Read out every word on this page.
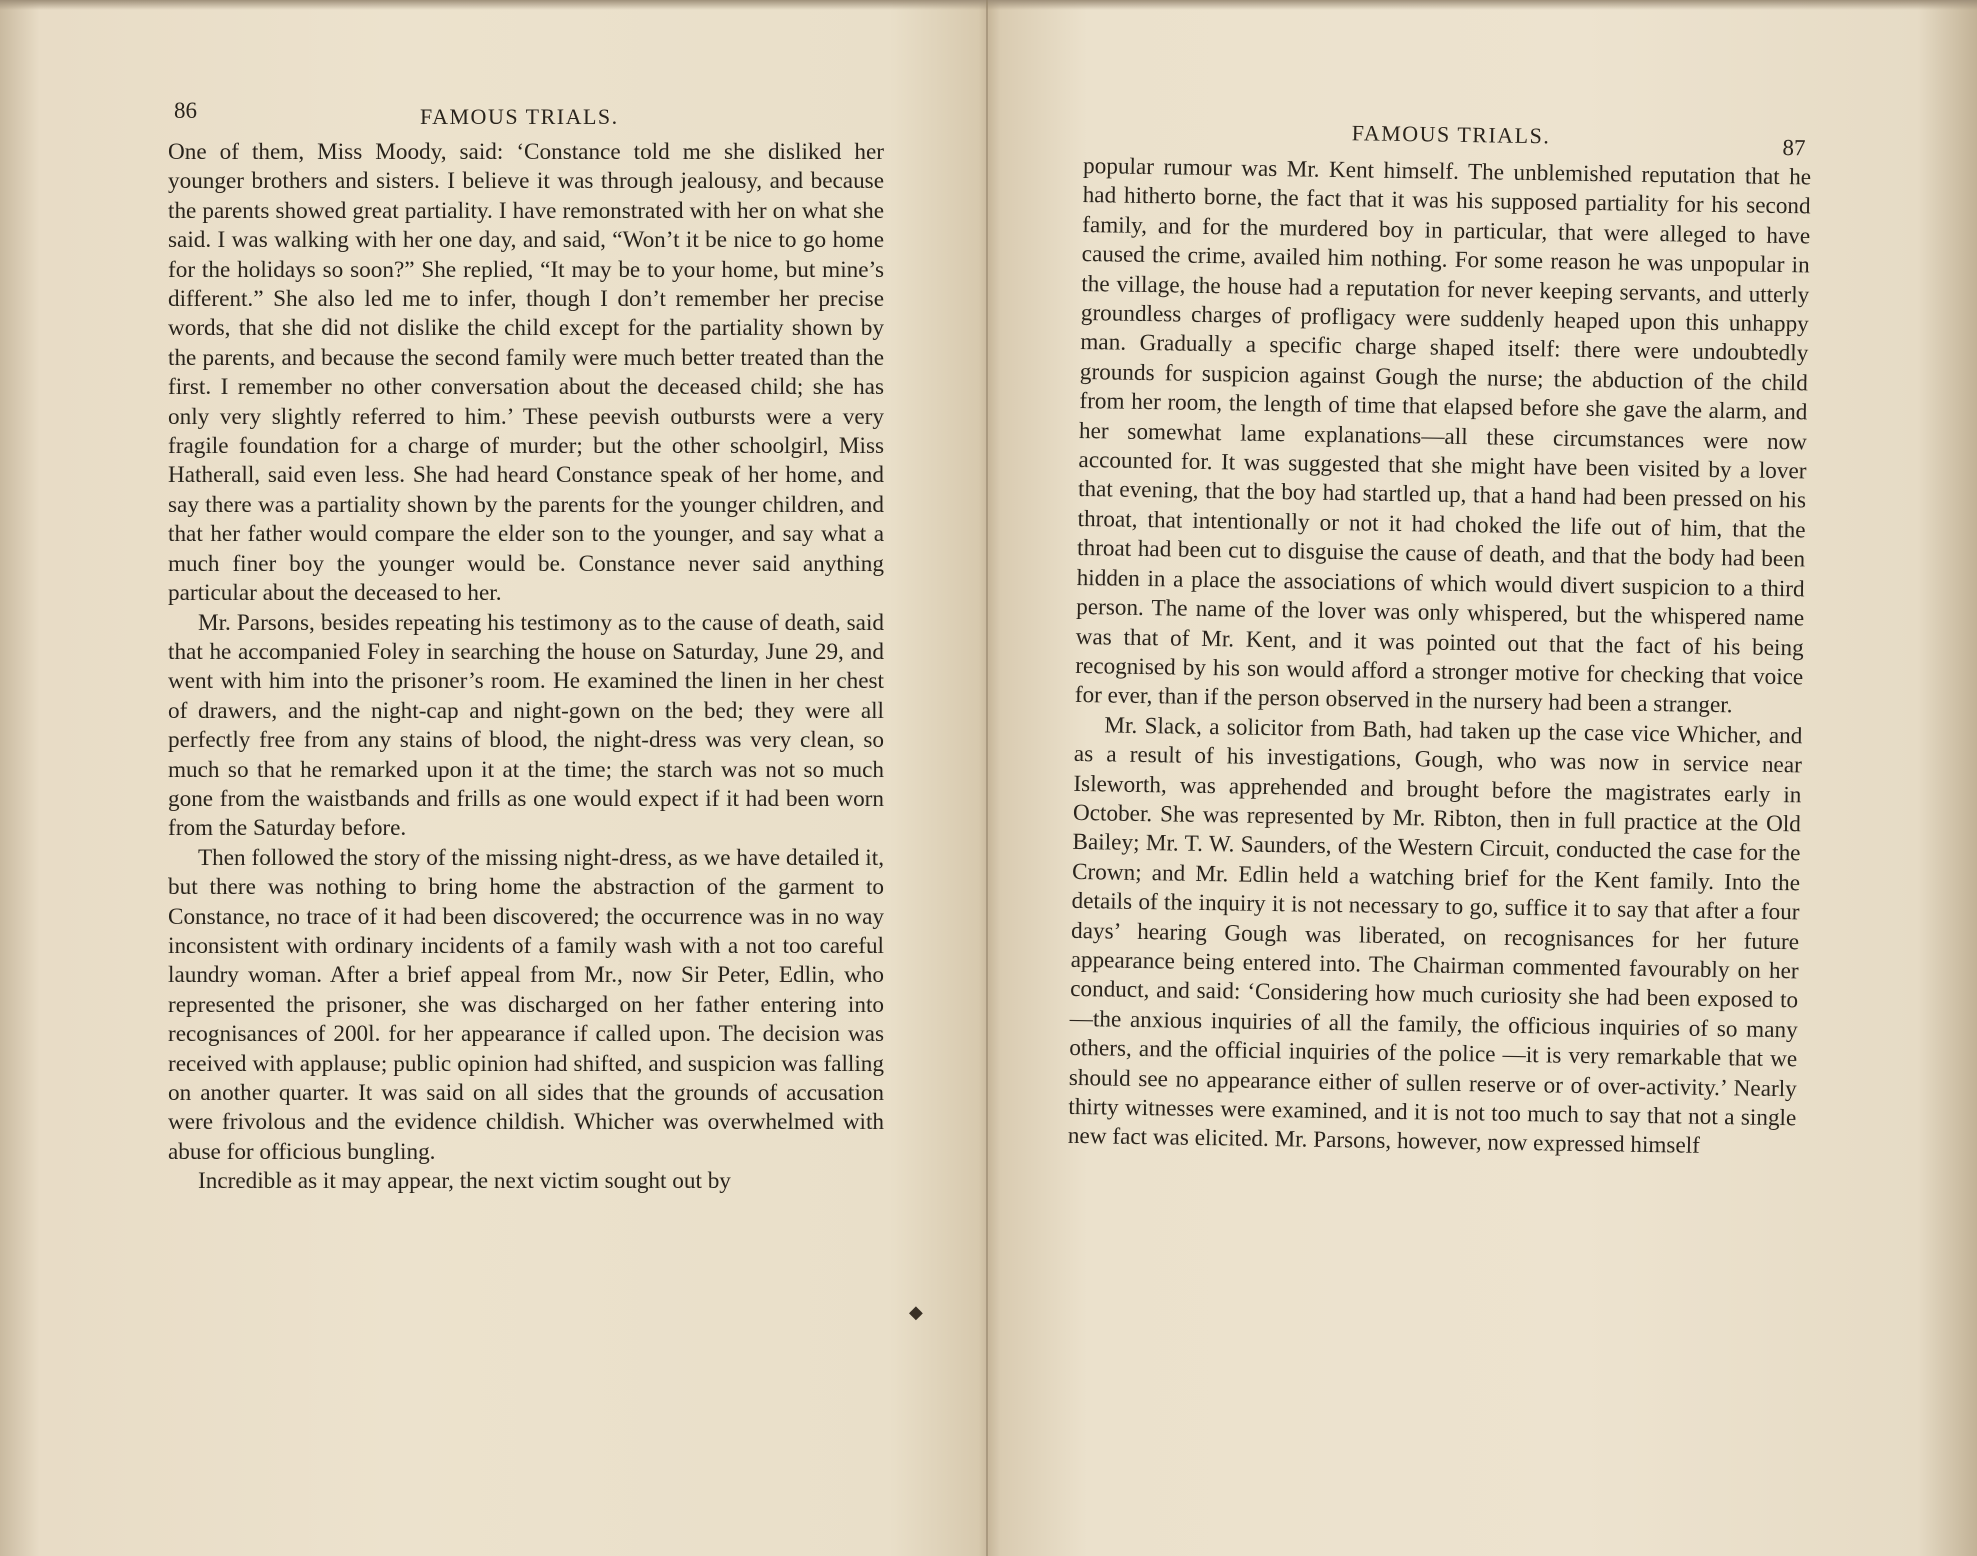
86	FAMOUS TRIALS.

One of them, Miss Moody, said: ‘Constance told me she disliked her younger brothers and sisters. I believe it was through jealousy, and because the parents showed great partiality. I have remonstrated with her on what she said. I was walking with her one day, and said, “Won’t it be nice to go home for the holidays so soon?” She replied, “It may be to your home, but mine’s different.” She also led me to infer, though I don’t remember her precise words, that she did not dislike the child except for the partiality shown by the parents, and because the second family were much better treated than the first. I remember no other conversation about the deceased child; she has only very slightly referred to him.’ These peevish outbursts were a very fragile foundation for a charge of murder; but the other schoolgirl, Miss Hatherall, said even less. She had heard Constance speak of her home, and say there was a partiality shown by the parents for the younger children, and that her father would compare the elder son to the younger, and say what a much finer boy the younger would be. Constance never said anything particular about the deceased to her.

Mr. Parsons, besides repeating his testimony as to the cause of death, said that he accompanied Foley in searching the house on Saturday, June 29, and went with him into the prisoner’s room. He examined the linen in her chest of drawers, and the night-cap and night-gown on the bed; they were all perfectly free from any stains of blood, the night-dress was very clean, so much so that he remarked upon it at the time; the starch was not so much gone from the waistbands and frills as one would expect if it had been worn from the Saturday before.

Then followed the story of the missing night-dress, as we have detailed it, but there was nothing to bring home the abstraction of the garment to Constance, no trace of it had been discovered; the occurrence was in no way inconsistent with ordinary incidents of a family wash with a not too careful laundry woman. After a brief appeal from Mr., now Sir Peter, Edlin, who represented the prisoner, she was discharged on her father entering into recognisances of 200l. for her appearance if called upon. The decision was received with applause; public opinion had shifted, and suspicion was falling on another quarter. It was said on all sides that the grounds of accusation were frivolous and the evidence childish. Whicher was overwhelmed with abuse for officious bungling.

Incredible as it may appear, the next victim sought out by

FAMOUS TRIALS.	87

popular rumour was Mr. Kent himself. The unblemished reputation that he had hitherto borne, the fact that it was his supposed partiality for his second family, and for the murdered boy in particular, that were alleged to have caused the crime, availed him nothing. For some reason he was unpopular in the village, the house had a reputation for never keeping servants, and utterly groundless charges of profligacy were suddenly heaped upon this unhappy man. Gradually a specific charge shaped itself: there were undoubtedly grounds for suspicion against Gough the nurse; the abduction of the child from her room, the length of time that elapsed before she gave the alarm, and her somewhat lame explanations—all these circumstances were now accounted for. It was suggested that she might have been visited by a lover that evening, that the boy had startled up, that a hand had been pressed on his throat, that intentionally or not it had choked the life out of him, that the throat had been cut to disguise the cause of death, and that the body had been hidden in a place the associations of which would divert suspicion to a third person. The name of the lover was only whispered, but the whispered name was that of Mr. Kent, and it was pointed out that the fact of his being recognised by his son would afford a stronger motive for checking that voice for ever, than if the person observed in the nursery had been a stranger.

Mr. Slack, a solicitor from Bath, had taken up the case vice Whicher, and as a result of his investigations, Gough, who was now in service near Isleworth, was apprehended and brought before the magistrates early in October. She was represented by Mr. Ribton, then in full practice at the Old Bailey; Mr. T. W. Saunders, of the Western Circuit, conducted the case for the Crown; and Mr. Edlin held a watching brief for the Kent family. Into the details of the inquiry it is not necessary to go, suffice it to say that after a four days’ hearing Gough was liberated, on recognisances for her future appearance being entered into. The Chairman commented favourably on her conduct, and said: ‘Considering how much curiosity she had been exposed to—the anxious inquiries of all the family, the officious inquiries of so many others, and the official inquiries of the police —it is very remarkable that we should see no appearance either of sullen reserve or of over-activity.’ Nearly thirty witnesses were examined, and it is not too much to say that not a single new fact was elicited. Mr. Parsons, however, now expressed himself

◆
